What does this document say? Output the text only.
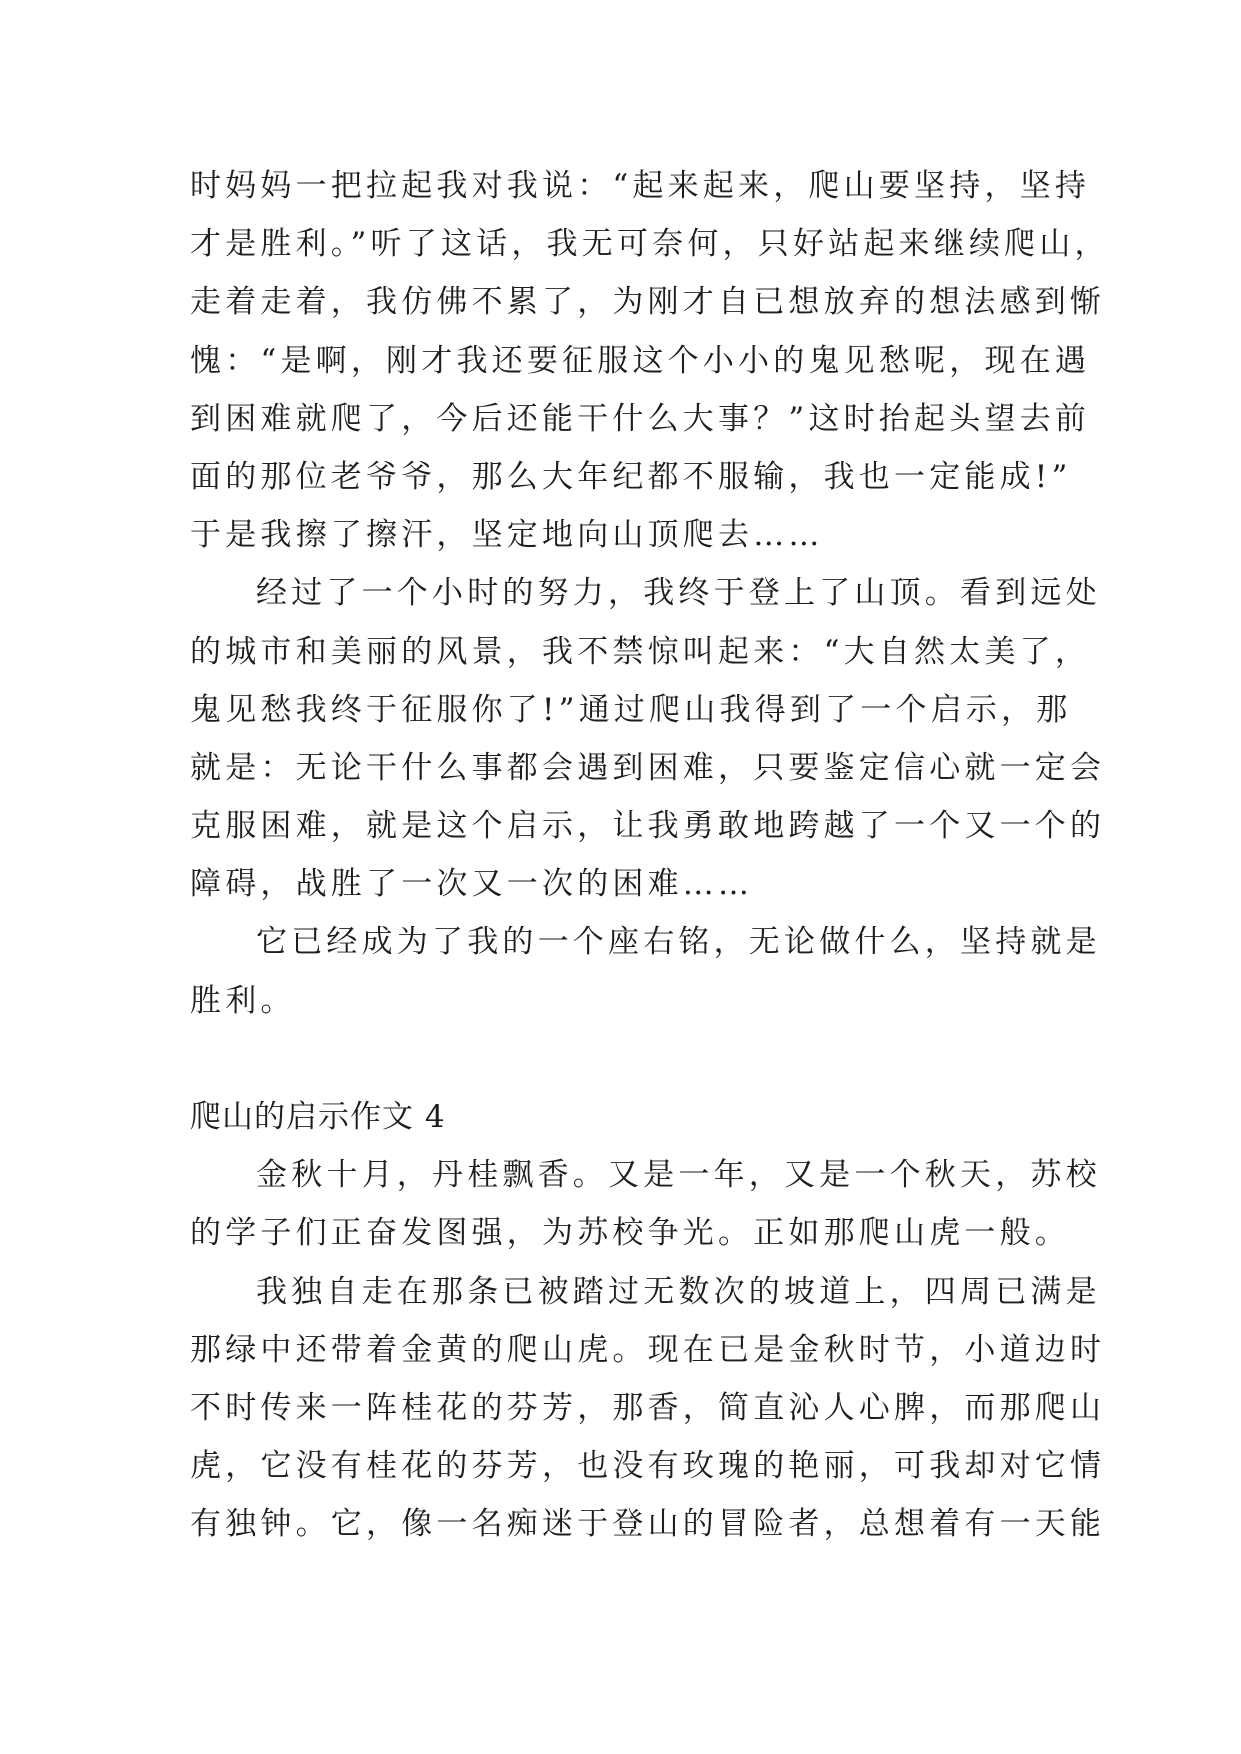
时妈妈一把拉起我对我说：“起来起来，爬山要坚持，坚持
才是胜利。”听了这话，我无可奈何，只好站起来继续爬山，
走着走着，我仿佛不累了，为刚才自已想放弃的想法感到惭
愧：“是啊，刚才我还要征服这个小小的鬼见愁呢，现在遇
到困难就爬了，今后还能干什么大事？”这时抬起头望去前
面的那位老爷爷，那么大年纪都不服输，我也一定能成!”
于是我擦了擦汗，坚定地向山顶爬去……
经过了一个小时的努力，我终于登上了山顶。看到远处
的城市和美丽的风景，我不禁惊叫起来：“大自然太美了，
鬼见愁我终于征服你了!”通过爬山我得到了一个启示，那
就是：无论干什么事都会遇到困难，只要鉴定信心就一定会
克服困难，就是这个启示，让我勇敢地跨越了一个又一个的
障碍，战胜了一次又一次的困难……
它已经成为了我的一个座右铭，无论做什么，坚持就是
胜利。
爬山的启示作文 4
金秋十月，丹桂飘香。又是一年，又是一个秋天，苏校
的学子们正奋发图强，为苏校争光。正如那爬山虎一般。
我独自走在那条已被踏过无数次的坡道上，四周已满是
那绿中还带着金黄的爬山虎。现在已是金秋时节，小道边时
不时传来一阵桂花的芬芳，那香，简直沁人心脾，而那爬山
虎，它没有桂花的芬芳，也没有玫瑰的艳丽，可我却对它情
有独钟。它，像一名痴迷于登山的冒险者，总想着有一天能
